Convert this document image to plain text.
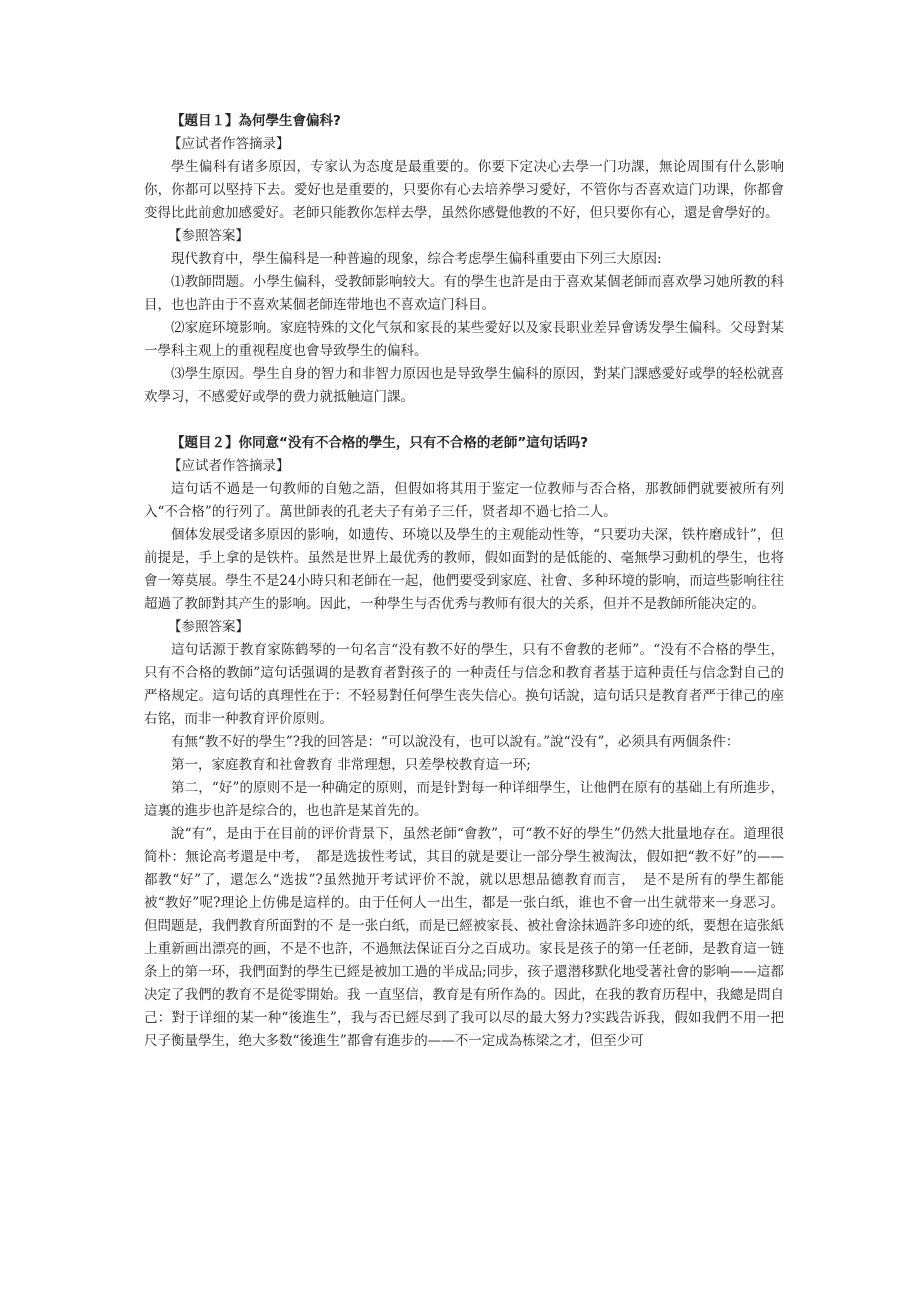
【題目１】為何學生會偏科?

【应试者作答摘录】

學生偏科有诸多原因，专家认为态度是最重要的。你要下定决心去學一门功課，無论周围有什么影响你，你都可以堅持下去。愛好也是重要的，只要你有心去培养學习愛好，不管你与否喜欢這门功课，你都會变得比此前愈加感愛好。老師只能教你怎样去學，虽然你感覺他教的不好，但只要你有心，還是會學好的。

【参照答案】

現代教育中，學生偏科是一种普遍的现象，综合考虑學生偏科重要由下列三大原因:

⑴教師問题。小學生偏科，受教師影响较大。有的學生也許是由于喜欢某個老師而喜欢學习她所教的科目，也也許由于不喜欢某個老師连带地也不喜欢這门科目。

⑵家庭环境影响。家庭特殊的文化气氛和家長的某些愛好以及家長职业差异會诱发學生偏科。父母對某一學科主观上的重视程度也會导致學生的偏科。

⑶學生原因。學生自身的智力和非智力原因也是导致學生偏科的原因，對某门課感愛好或學的轻松就喜欢學习，不感愛好或學的费力就抵触這门課。

【題目２】你同意“没有不合格的學生，只有不合格的老師”這句话吗?

【应试者作答摘录】

這句话不過是一句教师的自勉之語，但假如将其用于鉴定一位教师与否合格，那教師們就要被所有列入“不合格”的行列了。萬世師表的孔老夫子有弟子三仟，贤者却不過七拾二人。

個体发展受诸多原因的影响，如遗传、环境以及學生的主观能动性等，“只要功夫深，铁杵磨成针”，但前提是，手上拿的是铁杵。虽然是世界上最优秀的教师，假如面對的是低能的、毫無學习動机的學生，也将會一筹莫展。學生不是24小時只和老師在一起，他們要受到家庭、社會、多种环境的影响，而這些影响往往超過了教師對其产生的影响。因此，一种學生与否优秀与教师有很大的关系，但并不是教師所能决定的。

【参照答案】

這句话源于教育家陈鹤琴的一句名言“没有教不好的學生，只有不會教的老师”。“没有不合格的學生，只有不合格的教師”這句话强调的是教育者對孩子的 一种责任与信念和教育者基于這种责任与信念對自己的严格规定。這句话的真理性在于：不轻易對任何學生丧失信心。换句话說，這句话只是教育者严于律己的座右铭，而非一种教育评价原则。

有無“教不好的學生”?我的回答是：“可以說没有，也可以說有。”說“没有”，必须具有两個条件：

第一，家庭教育和社會教育 非常理想，只差學校教育這一环;

第二，“好”的原则不是一种确定的原则，而是针對每一种详细學生，让他們在原有的基础上有所進步，這裏的進步也許是综合的，也也許是某首先的。

說“有”，是由于在目前的评价背景下，虽然老師“會教”，可“教不好的學生”仍然大批量地存在。道理很简朴：無论高考還是中考，　都是选拔性考试，其目的就是要让一部分學生被淘汰，假如把“教不好”的——都教“好”了，還怎么“选拔”?虽然抛开考试评价不說，就以思想品德教育而言，　是不是所有的學生都能被“教好”呢?理论上仿佛是這样的。由于任何人一出生，都是一张白纸，谁也不會一出生就带来一身恶习。但問题是，我們教育所面對的不 是一张白纸，而是已經被家長、被社會涂抹過許多印迹的纸，要想在這张紙上重新画出漂亮的画，不是不也許，不過無法保证百分之百成功。家長是孩子的第一任老師，是教育這一链条上的第一环，我們面對的學生已經是被加工過的半成品;同步，孩子還潜移默化地受著社會的影响——這都决定了我們的教育不是從零開始。我 一直坚信，教育是有所作為的。因此，在我的教育历程中，我總是問自己：對于详细的某一种“後進生”，我与否已經尽到了我可以尽的最大努力?实践告诉我，假如我們不用一把尺子衡量學生，绝大多数“後進生”都會有進步的——不一定成為栋梁之才，但至少可
